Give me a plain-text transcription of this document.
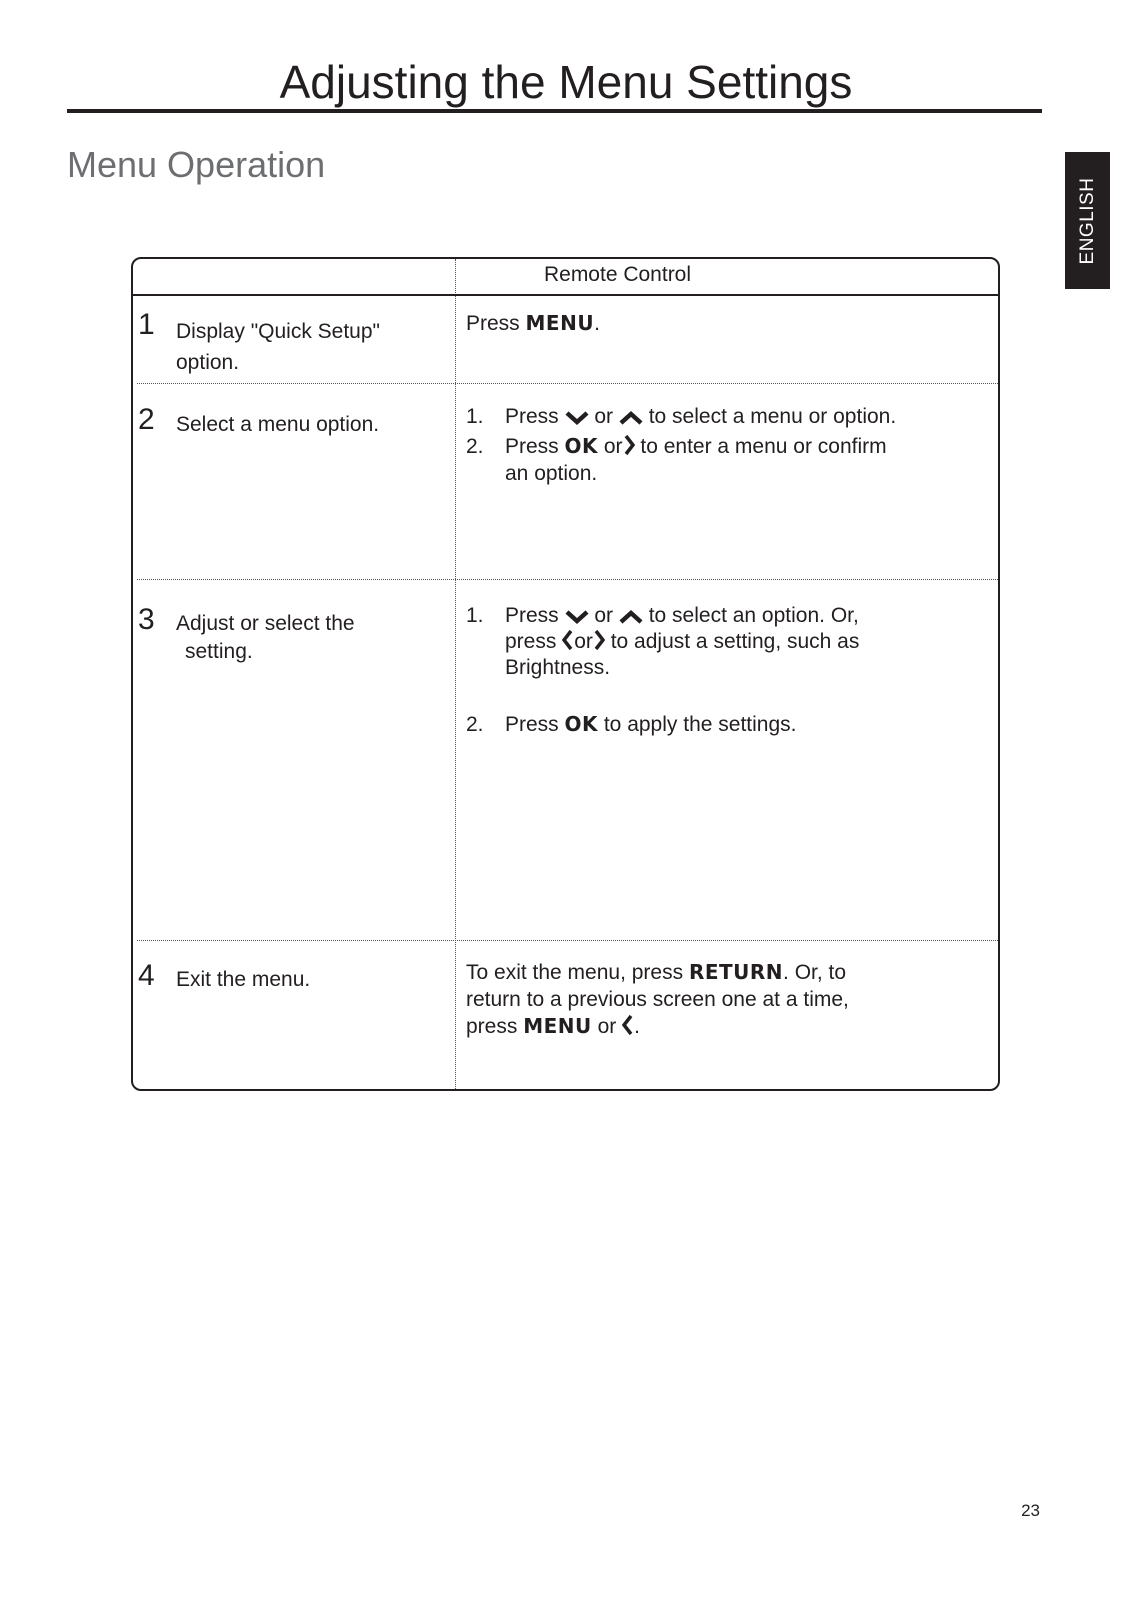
Adjusting the Menu Settings
Menu Operation
ENGLISH
Remote Control
1 Display "Quick Setup"
option.

Press MENU.

2 Select a menu option.	1. Press
or
to select a menu or option.

2. Press OK or
to enter a menu or confirm
an option.

3 Adjust or select the
setting.

1. Press
or
to select an option. Or,
press
or
to adjust a setting, such as
Brightness.

2. Press OK to apply the settings.

4 Exit the menu.	To exit the menu, press RETURN. Or, to
return to a previous screen one at a time,
press MENU or
.

23
